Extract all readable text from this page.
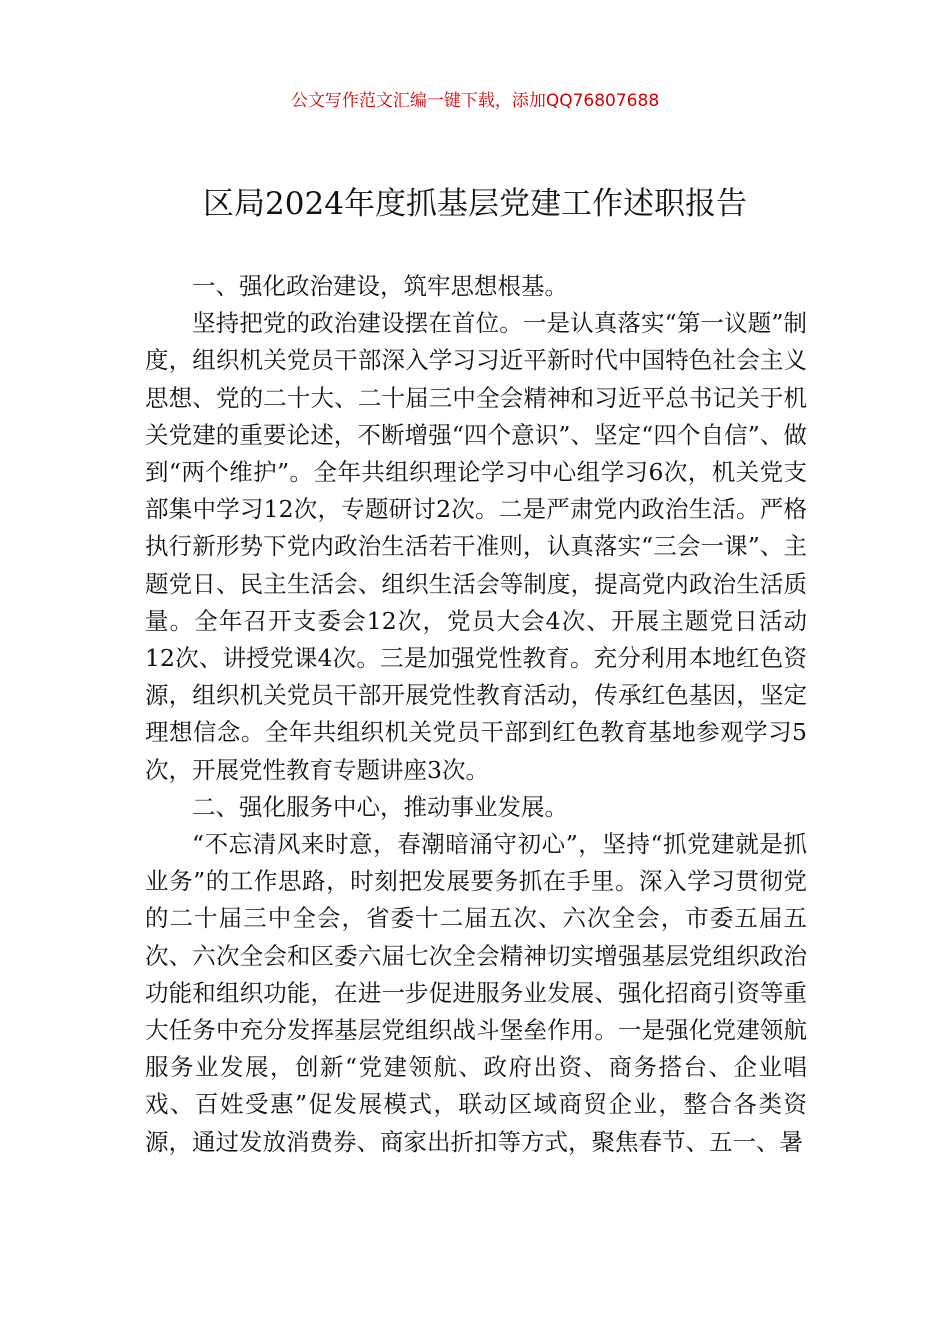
公文写作范文汇编一键下载，添加QQ76807688
区局2024年度抓基层党建工作述职报告

一、强化政治建设，筑牢思想根基。

坚持把党的政治建设摆在首位。一是认真落实“第一议题”制度，组织机关党员干部深入学习习近平新时代中国特色社会主义思想、党的二十大、二十届三中全会精神和习近平总书记关于机关党建的重要论述，不断增强“四个意识”、坚定“四个自信”、做到“两个维护”。全年共组织理论学习中心组学习6次，机关党支部集中学习12次，专题研讨2次。二是严肃党内政治生活。严格执行新形势下党内政治生活若干准则，认真落实“三会一课”、主题党日、民主生活会、组织生活会等制度，提高党内政治生活质量。全年召开支委会12次，党员大会4次、开展主题党日活动12次、讲授党课4次。三是加强党性教育。充分利用本地红色资源，组织机关党员干部开展党性教育活动，传承红色基因，坚定理想信念。全年共组织机关党员干部到红色教育基地参观学习5次，开展党性教育专题讲座3次。

二、强化服务中心，推动事业发展。

“不忘清风来时意，春潮暗涌守初心”，坚持“抓党建就是抓业务”的工作思路，时刻把发展要务抓在手里。深入学习贯彻党的二十届三中全会，省委十二届五次、六次全会，市委五届五次、六次全会和区委六届七次全会精神切实增强基层党组织政治功能和组织功能，在进一步促进服务业发展、强化招商引资等重大任务中充分发挥基层党组织战斗堡垒作用。一是强化党建领航服务业发展，创新“党建领航、政府出资、商务搭台、企业唱戏、百姓受惠”促发展模式，联动区域商贸企业，整合各类资源，通过发放消费券、商家出折扣等方式，聚焦春节、五一、暑
